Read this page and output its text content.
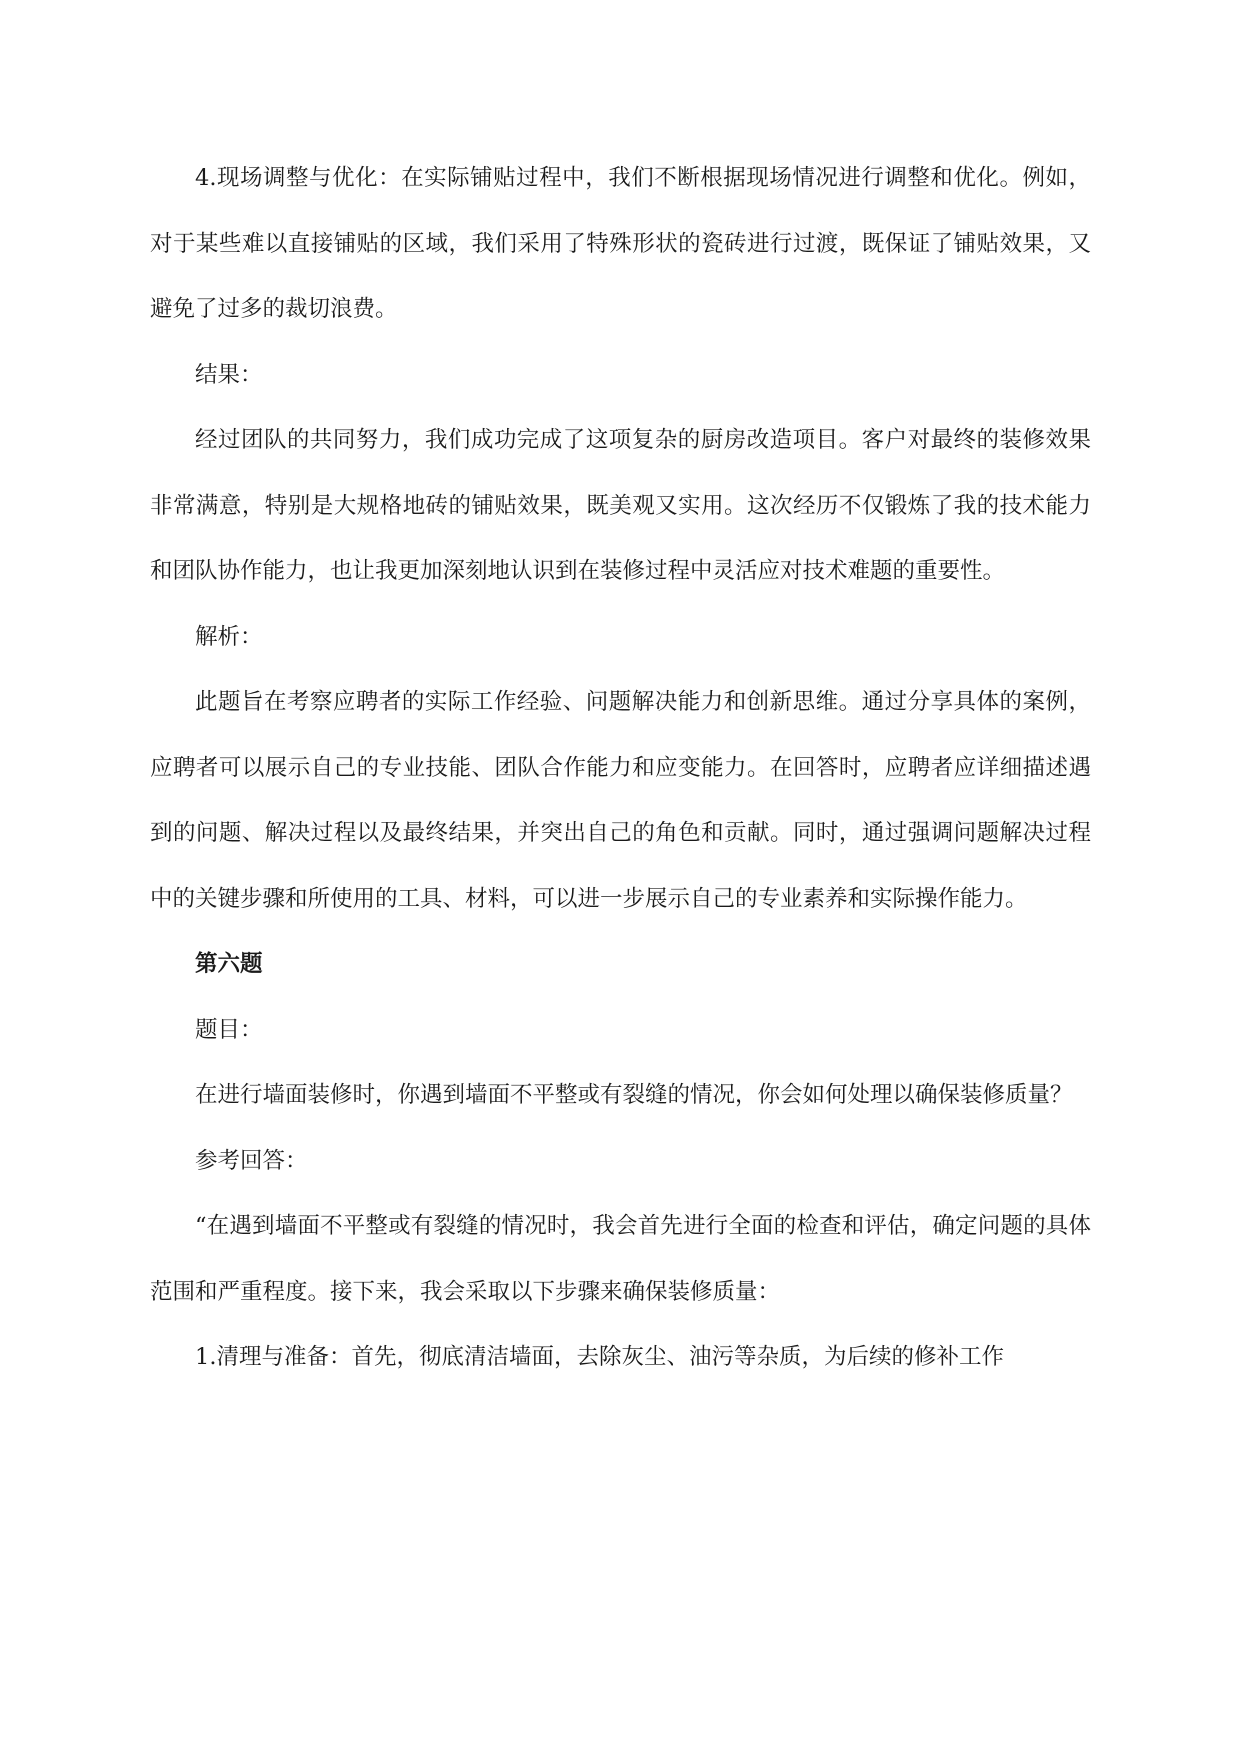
4.现场调整与优化：在实际铺贴过程中，我们不断根据现场情况进行调整和优化。例如，对于某些难以直接铺贴的区域，我们采用了特殊形状的瓷砖进行过渡，既保证了铺贴效果，又避免了过多的裁切浪费。

结果：

经过团队的共同努力，我们成功完成了这项复杂的厨房改造项目。客户对最终的装修效果非常满意，特别是大规格地砖的铺贴效果，既美观又实用。这次经历不仅锻炼了我的技术能力和团队协作能力，也让我更加深刻地认识到在装修过程中灵活应对技术难题的重要性。

解析：

此题旨在考察应聘者的实际工作经验、问题解决能力和创新思维。通过分享具体的案例，应聘者可以展示自己的专业技能、团队合作能力和应变能力。在回答时，应聘者应详细描述遇到的问题、解决过程以及最终结果，并突出自己的角色和贡献。同时，通过强调问题解决过程中的关键步骤和所使用的工具、材料，可以进一步展示自己的专业素养和实际操作能力。

第六题

题目：

在进行墙面装修时，你遇到墙面不平整或有裂缝的情况，你会如何处理以确保装修质量？

参考回答：

“在遇到墙面不平整或有裂缝的情况时，我会首先进行全面的检查和评估，确定问题的具体范围和严重程度。接下来，我会采取以下步骤来确保装修质量：

1.清理与准备：首先，彻底清洁墙面，去除灰尘、油污等杂质，为后续的修补工作
